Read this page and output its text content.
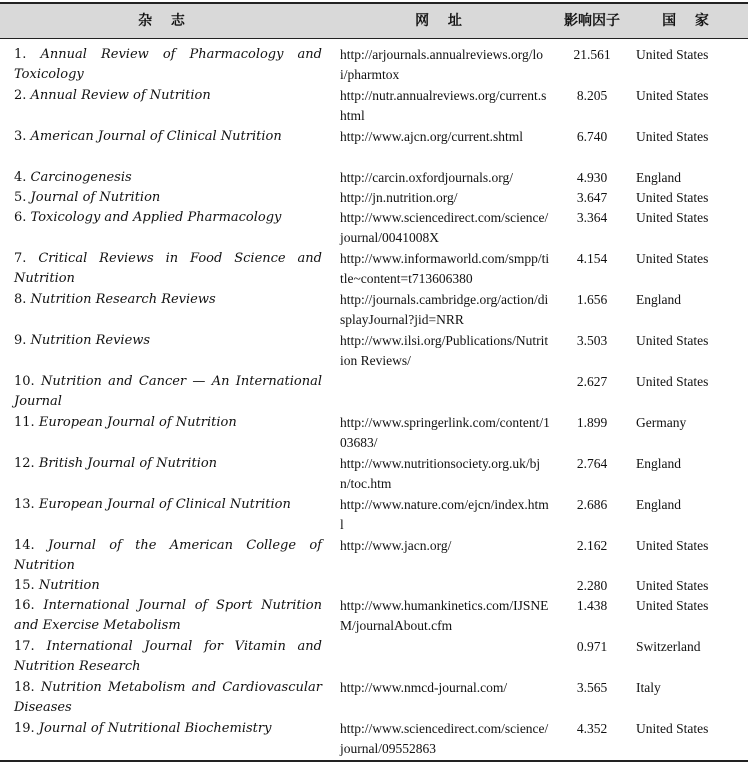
杂 志	网 址	影响因子	国 家
1. Annual Review of Pharmacology and Toxicology	http://arjournals.annualreviews.org/loi/pharmtox	21.561	United States
2. Annual Review of Nutrition	http://nutr.annualreviews.org/current.shtml	8.205	United States
3. American Journal of Clinical Nutrition	http://www.ajcn.org/current.shtml	6.740	United States
4. Carcinogenesis	http://carcin.oxfordjournals.org/	4.930	England
5. Journal of Nutrition	http://jn.nutrition.org/	3.647	United States
6. Toxicology and Applied Pharmacology	http://www.sciencedirect.com/science/journal/0041008X	3.364	United States
7. Critical Reviews in Food Science and Nutrition	http://www.informaworld.com/smpp/title~content=t713606380	4.154	United States
8. Nutrition Research Reviews	http://journals.cambridge.org/action/displayJournal?jid=NRR	1.656	England
9. Nutrition Reviews	http://www.ilsi.org/Publications/Nutrition Reviews/	3.503	United States
10. Nutrition and Cancer — An International Journal		2.627	United States
11. European Journal of Nutrition	http://www.springerlink.com/content/103683/	1.899	Germany
12. British Journal of Nutrition	http://www.nutritionsociety.org.uk/bjn/toc.htm	2.764	England
13. European Journal of Clinical Nutrition	http://www.nature.com/ejcn/index.html	2.686	England
14. Journal of the American College of Nutrition	http://www.jacn.org/	2.162	United States
15. Nutrition		2.280	United States
16. International Journal of Sport Nutrition and Exercise Metabolism	http://www.humankinetics.com/IJSNEM/journalAbout.cfm	1.438	United States
17. International Journal for Vitamin and Nutrition Research		0.971	Switzerland
18. Nutrition Metabolism and Cardiovascular Diseases	http://www.nmcd-journal.com/	3.565	Italy
19. Journal of Nutritional Biochemistry	http://www.sciencedirect.com/science/journal/09552863	4.352	United States
